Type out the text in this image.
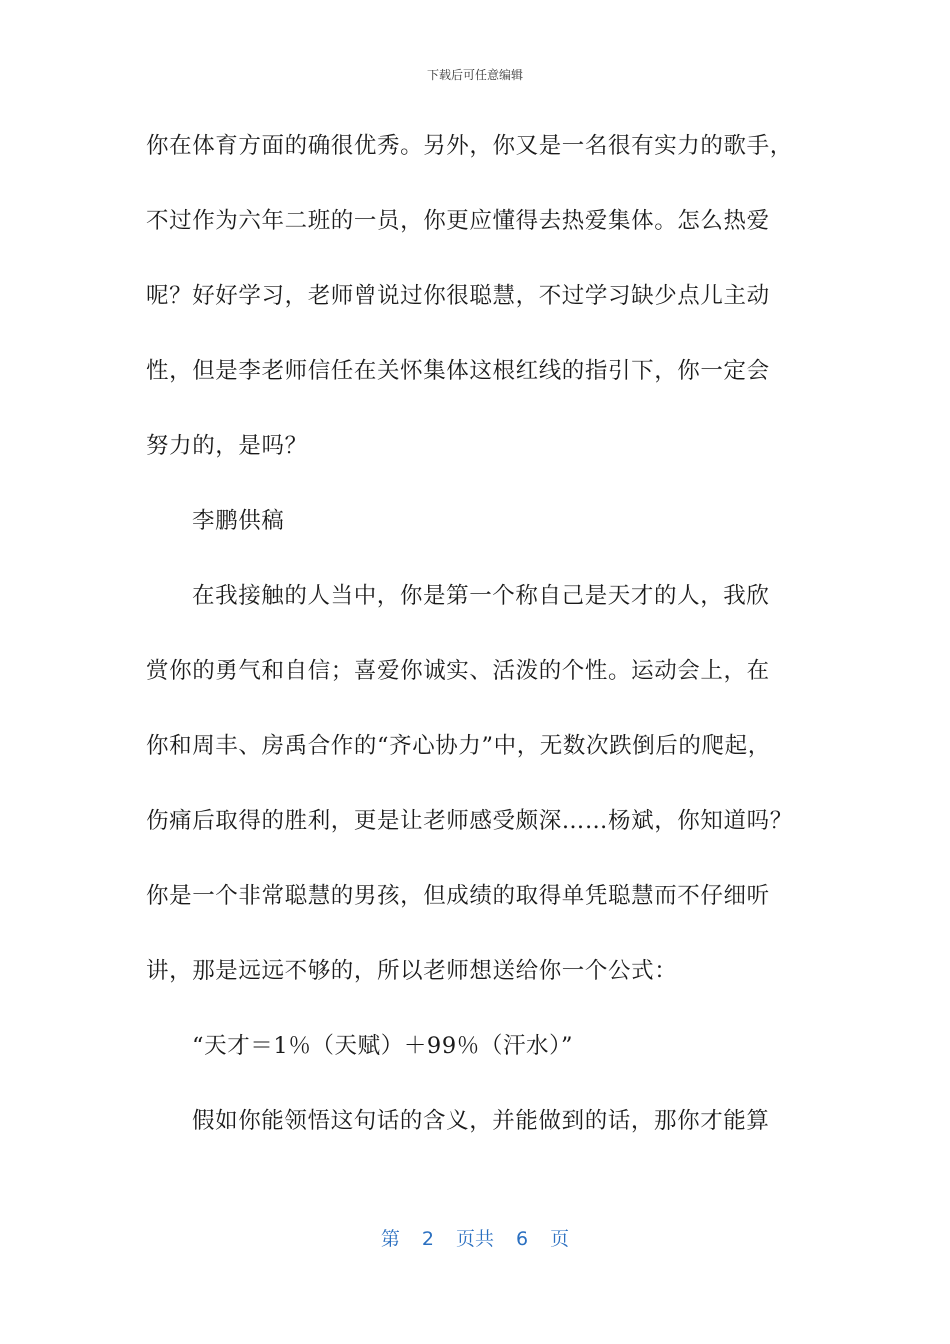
下载后可任意编辑
你在体育方面的确很优秀。另外，你又是一名很有实力的歌手，
不过作为六年二班的一员，你更应懂得去热爱集体。怎么热爱
呢？好好学习，老师曾说过你很聪慧，不过学习缺少点儿主动
性，但是李老师信任在关怀集体这根红线的指引下，你一定会
努力的，是吗？
李鹏供稿
在我接触的人当中，你是第一个称自己是天才的人，我欣
赏你的勇气和自信；喜爱你诚实、活泼的个性。运动会上，在
你和周丰、房禹合作的“齐心协力”中，无数次跌倒后的爬起，
伤痛后取得的胜利，更是让老师感受颇深……杨斌，你知道吗？
你是一个非常聪慧的男孩，但成绩的取得单凭聪慧而不仔细听
讲，那是远远不够的，所以老师想送给你一个公式：
“天才＝1％（天赋）＋99％（汗水）”
假如你能领悟这句话的含义，并能做到的话，那你才能算
第 2 页共 6 页
